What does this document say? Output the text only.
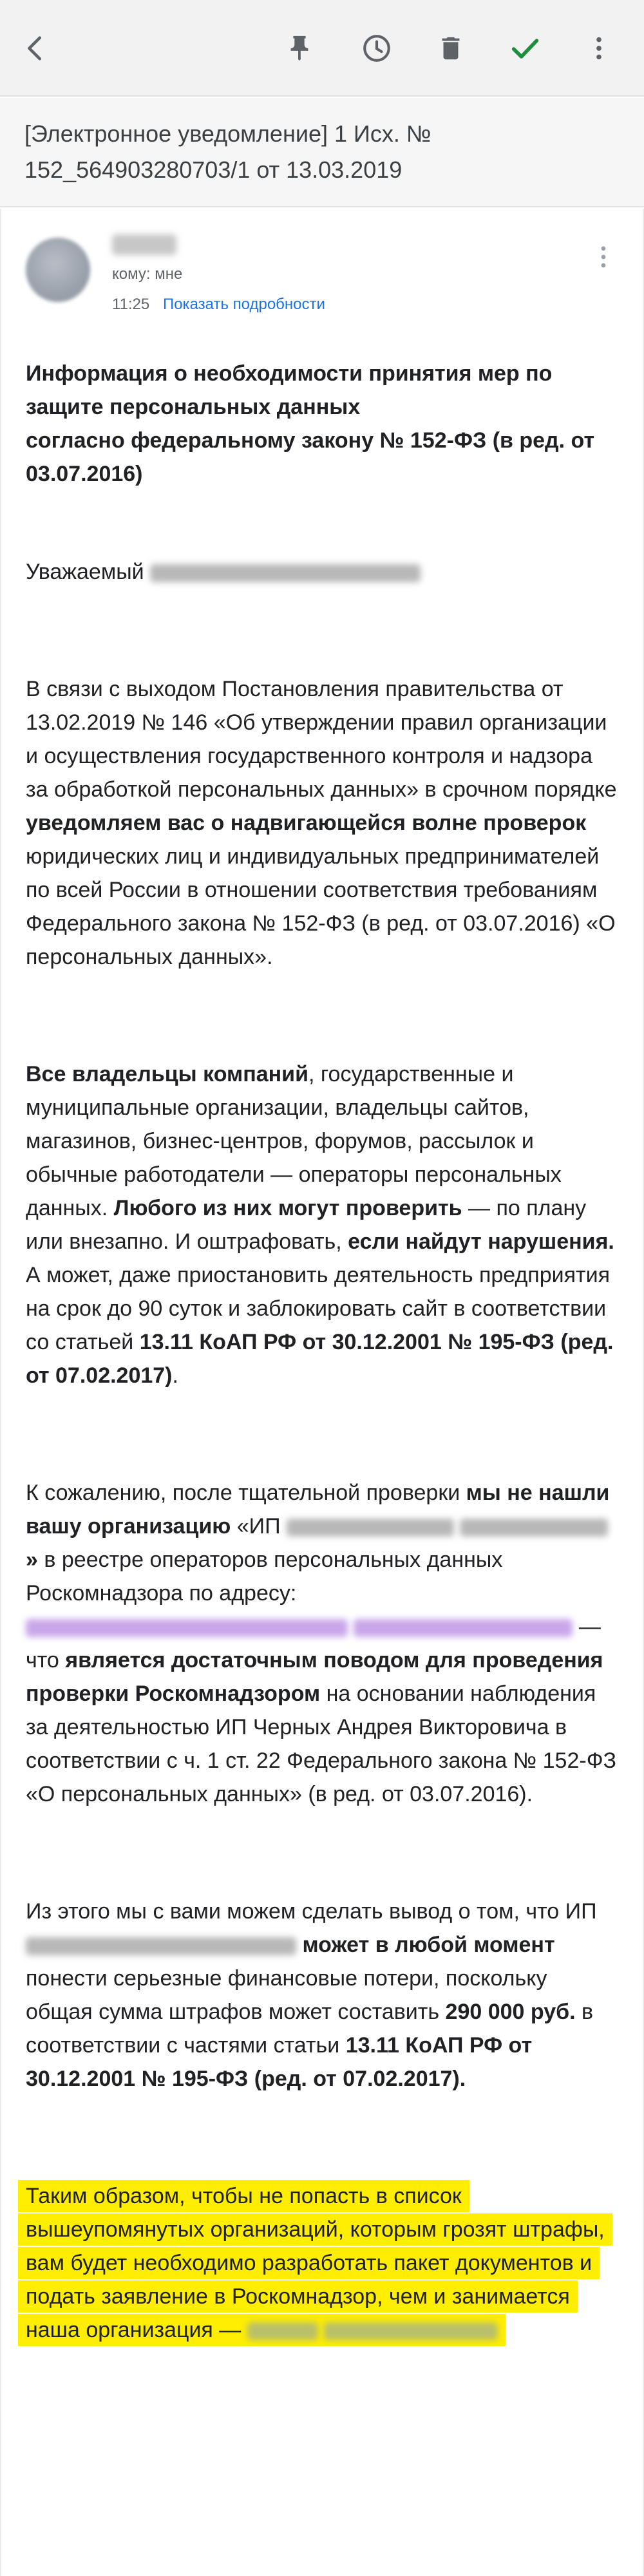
[Электронное уведомление] 1 Исх. № 152_564903280703/1 от 13.03.2019
кому: мне
11:25 Показать подробности

Информация о необходимости принятия мер по защите персональных данных
согласно федеральному закону № 152-ФЗ (в ред. от 03.07.2016)

Уважаемый

В связи с выходом Постановления правительства от 13.02.2019 № 146 «Об утверждении правил организации и осуществления государственного контроля и надзора за обработкой персональных данных» в срочном порядке уведомляем вас о надвигающейся волне проверок юридических лиц и индивидуальных предпринимателей по всей России в отношении соответствия требованиям Федерального закона № 152-ФЗ (в ред. от 03.07.2016) «О персональных данных».

Все владельцы компаний, государственные и муниципальные организации, владельцы сайтов, магазинов, бизнес-центров, форумов, рассылок и обычные работодатели — операторы персональных данных. Любого из них могут проверить — по плану или внезапно. И оштрафовать, если найдут нарушения. А может, даже приостановить деятельность предприятия на срок до 90 суток и заблокировать сайт в соответствии со статьей 13.11 КоАП РФ от 30.12.2001 № 195-ФЗ (ред. от 07.02.2017).

К сожалению, после тщательной проверки мы не нашли вашу организацию «ИП  » в реестре операторов персональных данных Роскомнадзора по адресу:   — что является достаточным поводом для проведения проверки Роскомнадзором на основании наблюдения за деятельностью ИП Черных Андрея Викторовича в соответствии с ч. 1 ст. 22 Федерального закона № 152-ФЗ «О персональных данных» (в ред. от 03.07.2016).

Из этого мы с вами можем сделать вывод о том, что ИП  может в любой момент понести серьезные финансовые потери, поскольку общая сумма штрафов может составить 290 000 руб. в соответствии с частями статьи 13.11 КоАП РФ от 30.12.2001 № 195-ФЗ (ред. от 07.02.2017).

Таким образом, чтобы не попасть в список вышеупомянутых организаций, которым грозят штрафы, вам будет необходимо разработать пакет документов и подать заявление в Роскомнадзор, чем и занимается наша организация —
